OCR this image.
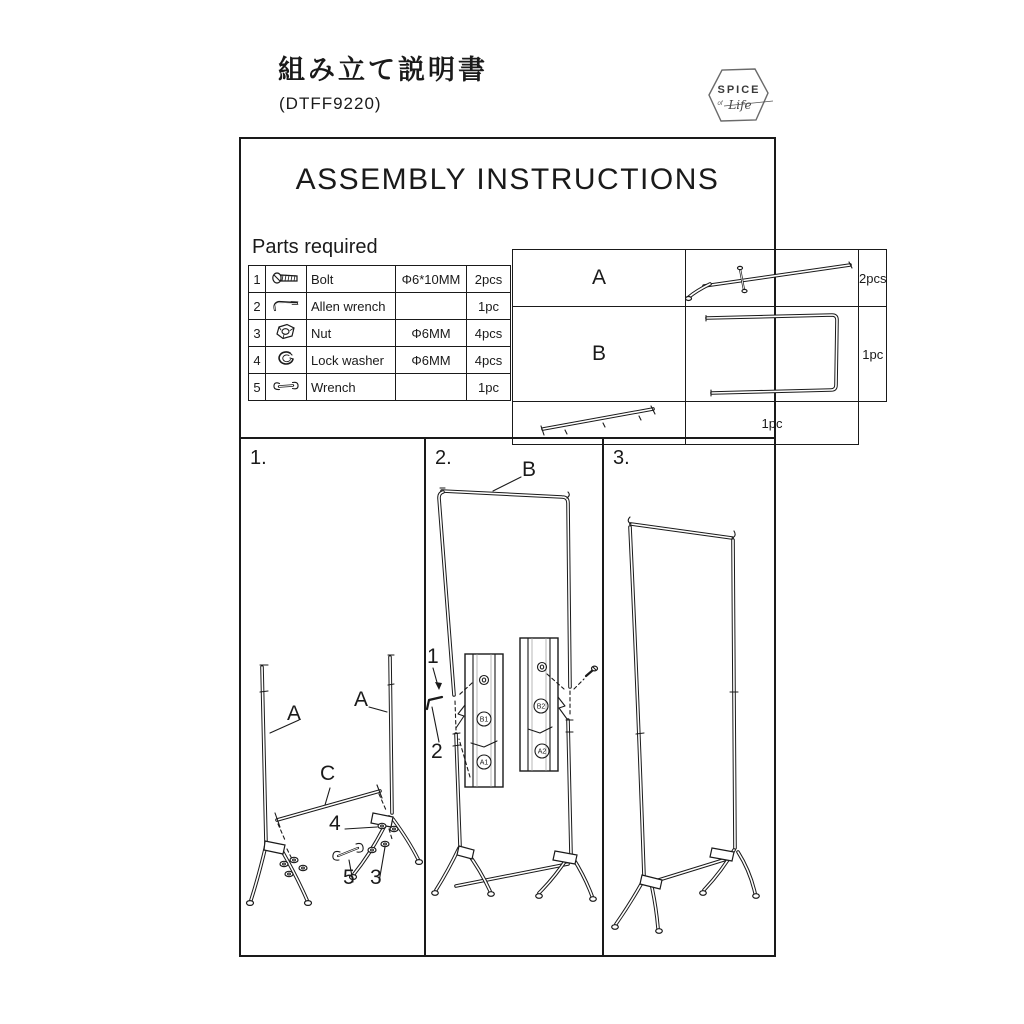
組み立て説明書
(DTFF9220)
SPICE
of Life
ASSEMBLY INSTRUCTIONS
Parts required
1		Bolt	Φ6*10MM	2pcs
2		Allen wrench		1pc
3		Nut	Φ6MM	4pcs
4		Lock washer	Φ6MM	4pcs
5		Wrench		1pc
A		2pcs
B		1pc
	1pc	
1.
A
A
C
4
5 3
B1
A1
B2
A2
2.	B
1
2
3.
